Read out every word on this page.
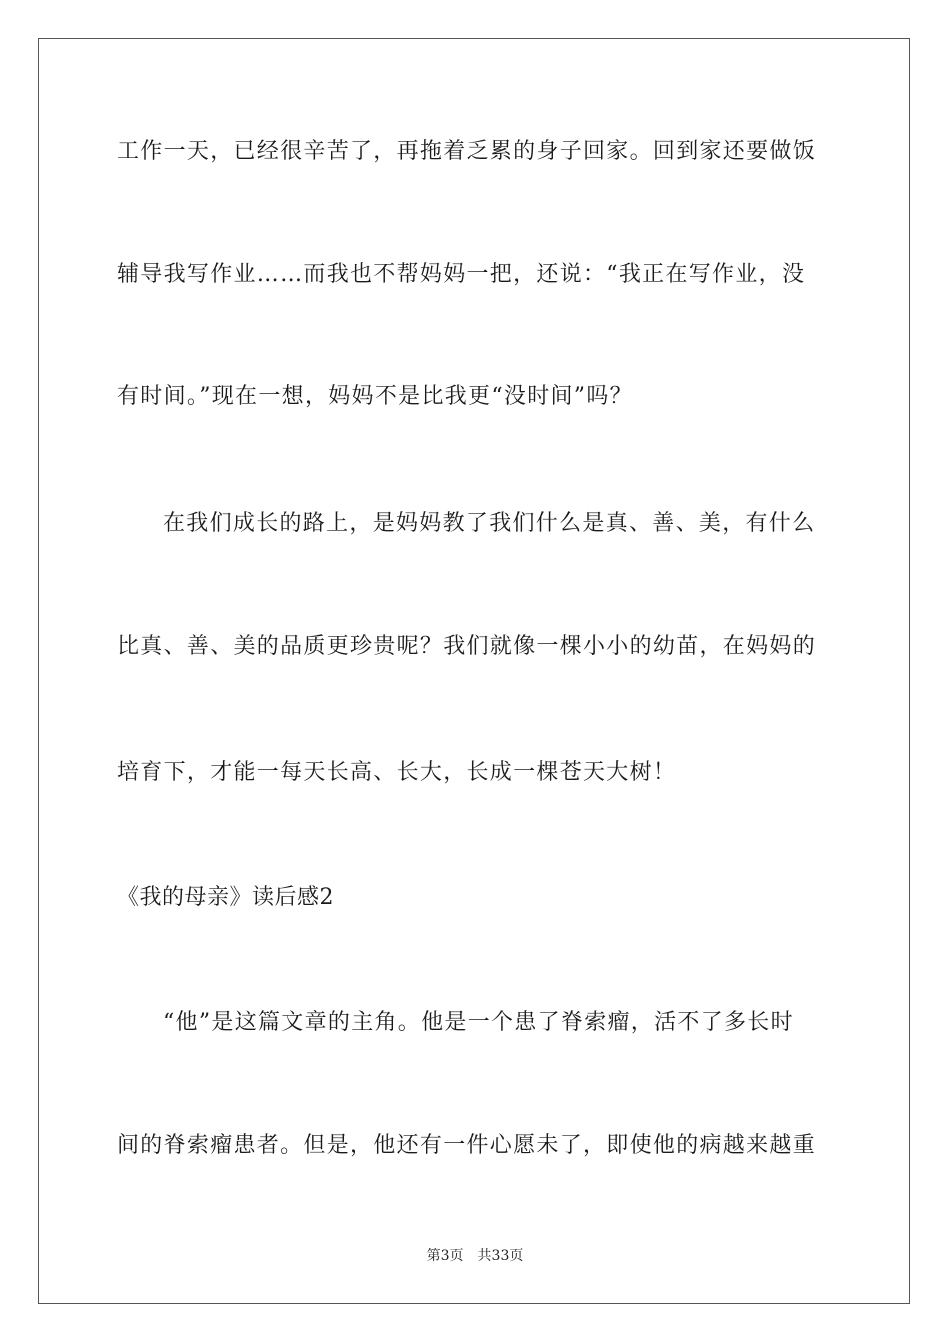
工作一天，已经很辛苦了，再拖着乏累的身子回家。回到家还要做饭
辅导我写作业……而我也不帮妈妈一把，还说：“我正在写作业，没
有时间。”现在一想，妈妈不是比我更“没时间”吗？
在我们成长的路上，是妈妈教了我们什么是真、善、美，有什么
比真、善、美的品质更珍贵呢？我们就像一棵小小的幼苗，在妈妈的
培育下，才能一每天长高、长大，长成一棵苍天大树！
《我的母亲》读后感2
“他”是这篇文章的主角。他是一个患了脊索瘤，活不了多长时
间的脊索瘤患者。但是，他还有一件心愿未了，即使他的病越来越重
第3页 共33页
